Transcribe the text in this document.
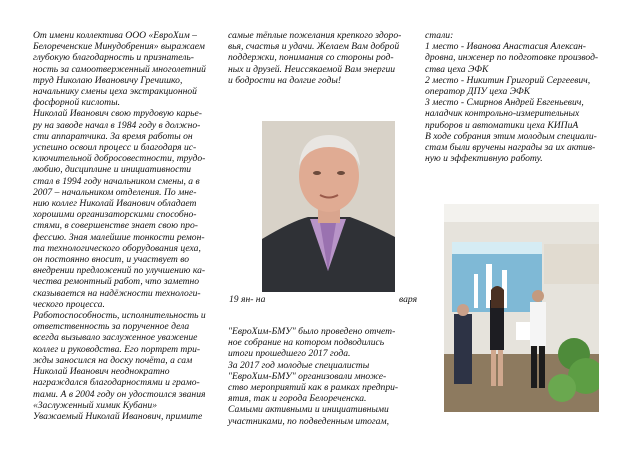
От имени коллектива ООО «ЕвроХим –
Белореченские Минудобрения» выражаем
глубокую благодарность и признатель-
ность за самоотверженный многолетний
труд Николаю Ивановичу Гречишко,
начальнику смены цеха экстракционной
фосфорной кислоты.

Николай Иванович свою трудовую карье-
ру на заводе начал в 1984 году в должно-
сти аппаратчика. За время работы он
успешно освоил процесс и благодаря ис-
ключительной добросовестности, трудо-
любию, дисциплине и инициативности
стал в 1994 году начальником смены, а в
2007 – начальником отделения. По мне-
нию коллег Николай Иванович обладает
хорошими организаторскими способно-
стями, в совершенстве знает свою про-
фессию. Зная малейшие тонкости ремон-
та технологического оборудования цеха,
он постоянно вносит, и участвует во
внедрении предложений по улучшению ка-
чества ремонтный работ, что заметно
сказывается на надёжности технологи-
ческого процесса.

Работоспособность, исполнительность и
ответственность за порученное дела
всегда вызывало заслуженное уважение
коллег и руководства. Его портрет три-
жды заносился на доску почёта, а сам
Николай Иванович неоднократно
награждался благодарностями и грамо-
тами. А в 2004 году он удостоился звания
«Заслуженный химик Кубани»

Уважаемый Николай Иванович, примите

самые тёплые пожелания крепкого здоро-
вья, счастья и удачи. Желаем Вам доброй
поддержки, понимания со стороны род-
ных и друзей. Неиссякаемой Вам энергии
и бодрости на долгие годы!

19 ян- на	варя

"ЕвроХим-БМУ" было проведено отчет-
ное собрание на котором подводились
итоги прошедшего 2017 года.
За 2017 год молодые специалисты
"ЕвроХим-БМУ" организовали множе-
ство мероприятий как в рамках предпри-
ятия, так и города Белореченска.
Самыми активными и инициативными
участниками, по подведенным итогам,

стали:

1 место - Иванова Анастасия Алексан-
дровна, инженер по подготовке производ-
ства цеха ЭФК

2 место - Никитин Григорий Сергеевич,
оператор ДПУ цеха ЭФК

3 место - Смирнов Андрей Евгеньевич,
наладчик контрольно-измерительных
приборов и автоматики цеха КИПиА

В ходе собрания этим молодым специали-
стам были вручены награды за их актив-
ную и эффективную работу.
